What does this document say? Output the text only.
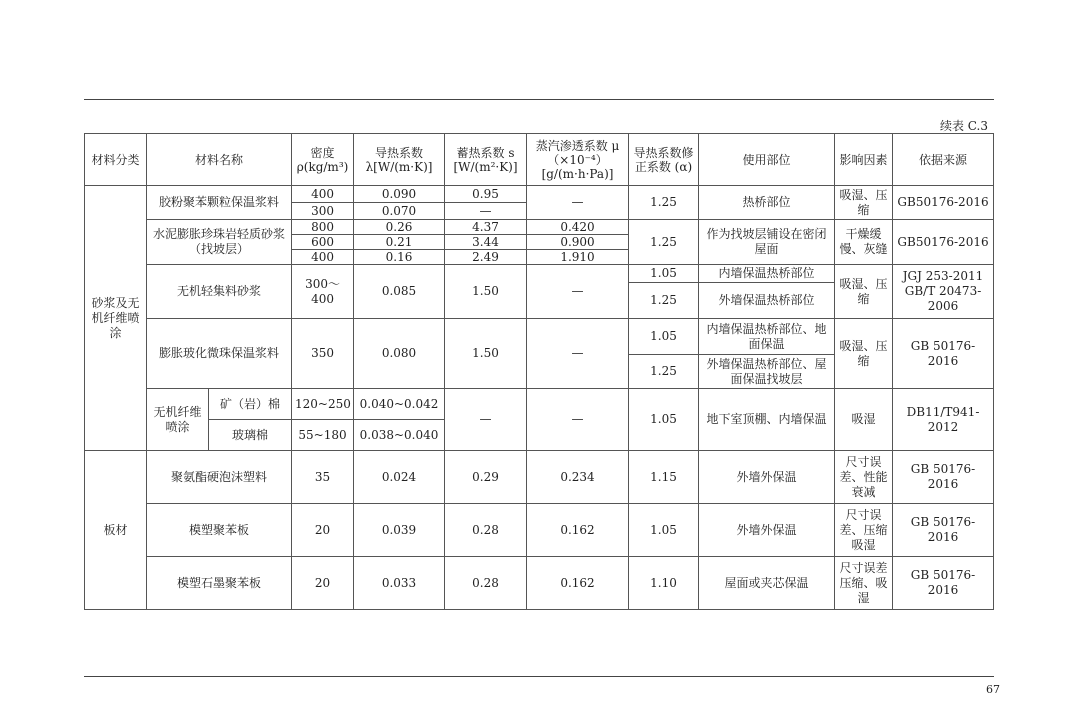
续表 C.3
材料分类	材料名称		密度 ρ(kg/m³)	导热系数 λ[W/(m·K)]	蓄热系数 s [W/(m²·K)]	蒸汽渗透系数 μ（×10⁻⁴）[g/(m·h·Pa)]	导热系数修正系数 (α)	使用部位	影响因素	依据来源
砂浆及无机纤维喷涂	胶粉聚苯颗粒保温浆料		400	0.090	0.95	—	1.25	热桥部位	吸湿、压缩	GB50176-2016
			300	0.070	—					
	水泥膨胀珍珠岩轻质砂浆（找坡层）		800	0.26	4.37	0.420	1.25	作为找坡层铺设在密闭屋面	干燥缓慢、灰缝	GB50176-2016
			600	0.21	3.44	0.900				
			400	0.16	2.49	1.910				
	无机轻集料砂浆		300～400	0.085	1.50	—	1.05	内墙保温热桥部位	吸湿、压缩	JGJ 253-2011 GB/T 20473-2006
							1.25	外墙保温热桥部位		
	膨胀玻化微珠保温浆料		350	0.080	1.50	—	1.05	内墙保温热桥部位、地面保温	吸湿、压缩	GB 50176-2016
							1.25	外墙保温热桥部位、屋面保温找坡层		
	无机纤维喷涂	矿（岩）棉	120~250	0.040~0.042	—	—	1.05	地下室顶棚、内墙保温	吸湿	DB11/T941-2012
		玻璃棉	55~180	0.038~0.040						
板材	聚氨酯硬泡沫塑料		35	0.024	0.29	0.234	1.15	外墙外保温	尺寸误差、性能衰减	GB 50176-2016
	模塑聚苯板		20	0.039	0.28	0.162	1.05	外墙外保温	尺寸误差、压缩吸湿	GB 50176-2016
	模塑石墨聚苯板		20	0.033	0.28	0.162	1.10	屋面或夹芯保温	尺寸误差压缩、吸湿	GB 50176-2016
67
